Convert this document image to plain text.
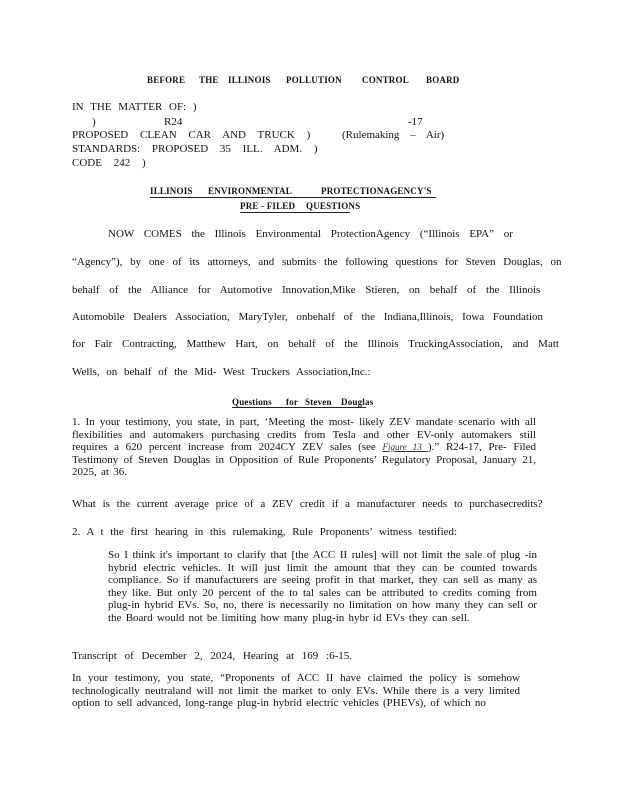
BEFORE THE ILLINOIS POLLUTION CONTROL BOARD
IN THE MATTER OF: )
)	R24	-17
PROPOSED CLEAN CAR AND TRUCK )	(Rulemaking – Air)
STANDARDS: PROPOSED 35 ILL. ADM. )
CODE 242 )
ILLINOIS ENVIRONMENTAL	PROTECTIONAGENCY'S
PRE - FILED QUESTIONS
NOW COMES the Illinois Environmental ProtectionAgency (“Illinois EPA” or
“Agency”), by one of its attorneys, and submits the following questions for Steven Douglas, on
behalf of the Alliance for Automotive Innovation,Mike Stieren, on behalf of the Illinois
Automobile Dealers Association, MaryTyler, onbehalf of the Indiana,Illinois, Iowa Foundation
for Fair Contracting, Matthew Hart, on behalf of the Illinois TruckingAssociation, and Matt
Wells, on behalf of the Mid- West Truckers Association,Inc.:
Questions for Steven Douglas
1. In your testimony, you state, in part, ‘Meeting the most- likely ZEV mandate scenario with all flexibilities and automakers purchasing credits from Tesla and other EV-only automakers still requires a 620 percent increase from 2024CY ZEV sales (see Figure 13 ).” R24-17, Pre- Filed Testimony of Steven Douglas in Opposition of Rule Proponents’ Regulatory Proposal, January 21, 2025, at 36.
What is the current average price of a ZEV credit if a manufacturer needs to purchasecredits?
2. A t the first hearing in this rulemaking, Rule Proponents’ witness testified:
So I think it's important to clarify that [the ACC II rules] will not limit the sale of plug -in hybrid electric vehicles. It will just limit the amount that they can be counted towards compliance. So if manufacturers are seeing profit in that market, they can sell as many as they like. But only 20 percent of the to tal sales can be attributed to credits coming from plug-in hybrid EVs. So, no, there is necessarily no limitation on how many they can sell or the Board would not be limiting how many plug-in hybr id EVs they can sell.
Transcript of December 2, 2024, Hearing at 169 :6-15.
In your testimony, you state, “Proponents of ACC II have claimed the policy is somehow technologically neutraland will not limit the market to only EVs. While there is a very limited option to sell advanced, long-range plug-in hybrid electric vehicles (PHEVs), of which no
